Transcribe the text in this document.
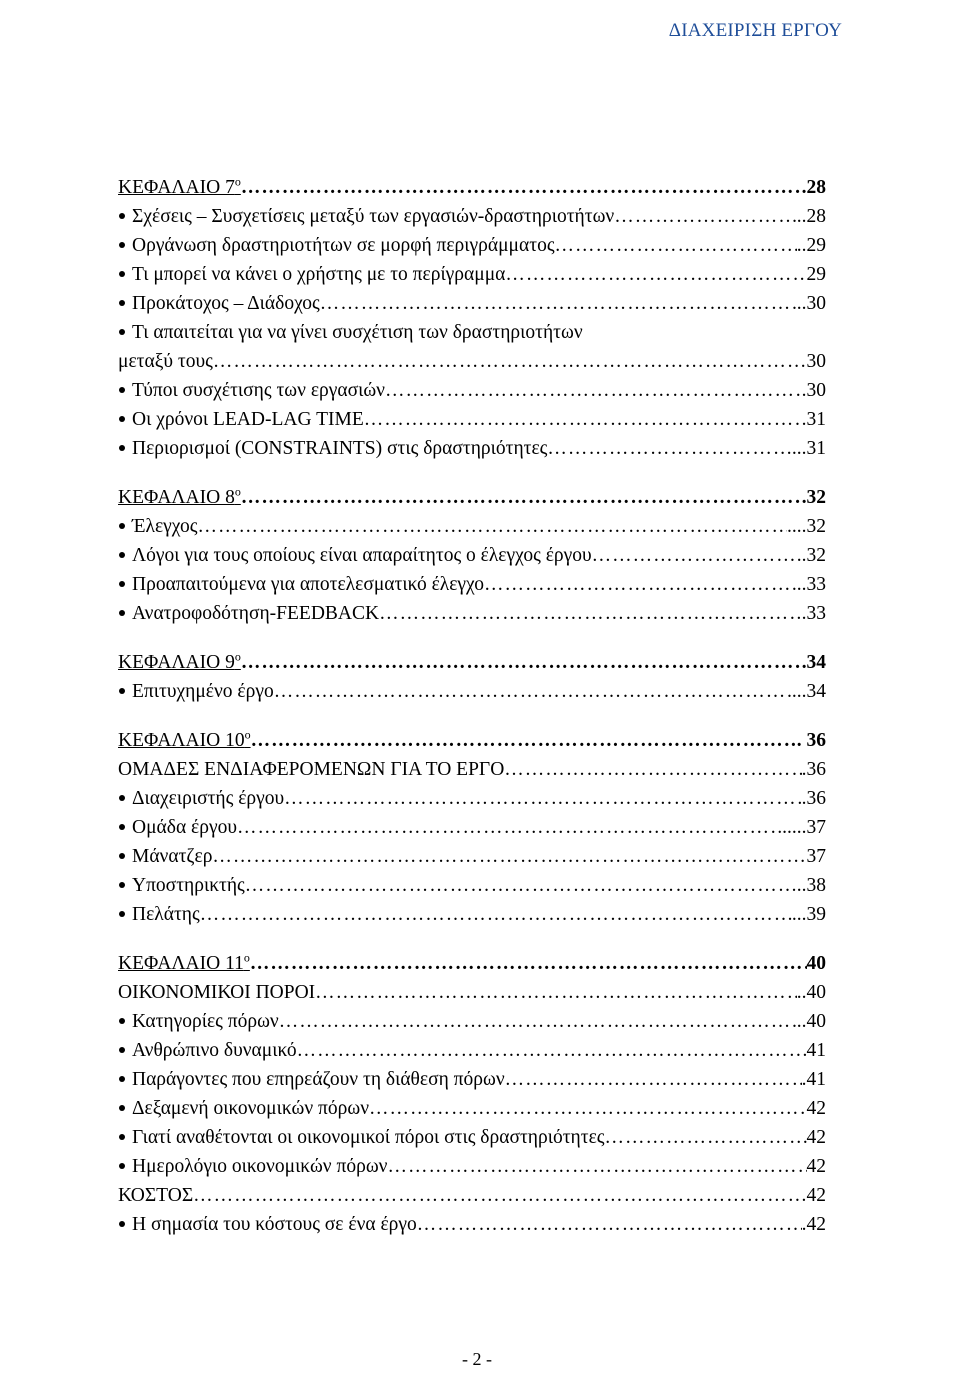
ΔΙΑΧΕΙΡΙΣΗ ΕΡΓΟΥ
ΚΕΦΑΛΑΙΟ $7^o$ ………………………………………………………………………………………………………………………………………………	.28
Σχέσεις – Συσχετίσεις μεταξύ των εργασιών-δραστηριοτήτων ………………………………………………………………………………………………………………………………………………………………	..28
Οργάνωση δραστηριοτήτων σε μορφή περιγράμματος ………………………………………………………………………………………………………………………………………………………………	..29
Τι μπορεί να κάνει ο χρήστης με το περίγραμμα ………………………………………………………………………………………………………………………………………………………………	29
Προκάτοχος – Διάδοχος ………………………………………………………………………………………………………………………………………………………………	..30
Τι απαιτείται για να γίνει συσχέτιση των δραστηριοτήτων
μεταξύ τους ………………………………………………………………………………………………………………………………………………………………	30
Τύποι συσχέτισης των εργασιών ………………………………………………………………………………………………………………………………………………………………	.30
Οι χρόνοι LEAD-LAG TIME ………………………………………………………………………………………………………………………………………………………………	.31
Περιορισμοί (CONSTRAINTS) στις δραστηριότητες ………………………………………………………………………………………………………………………………………………………………	...31
ΚΕΦΑΛΑΙΟ $8^o$ ………………………………………………………………………………………………………………………………………………	32
Έλεγχος ………………………………………………………………………………………………………………………………………………………………	....32
Λόγοι για τους οποίους είναι απαραίτητος ο έλεγχος έργου ………………………………………………………………………………………………………………………………………………………………	..32
Προαπαιτούμενα για αποτελεσματικό έλεγχο ………………………………………………………………………………………………………………………………………………………………	...33
Ανατροφοδότηση-FEEDBACK ………………………………………………………………………………………………………………………………………………………………	.33
ΚΕΦΑΛΑΙΟ $9^o$ ………………………………………………………………………………………………………………………………………………	34
Επιτυχημένο έργο ………………………………………………………………………………………………………………………………………………………………	...34
ΚΕΦΑΛΑΙΟ $10^o$ ………………………………………………………………………………………………………………………………………………	. 36
ΟΜΑΔΕΣ ΕΝΔΙΑΦΕΡΟΜΕΝΩΝ ΓΙΑ ΤΟ ΕΡΓΟ ………………………………………………………………………………………………………………………………………………………………	.36
Διαχειριστής έργου ………………………………………………………………………………………………………………………………………………………………	.36
Ομάδα έργου ………………………………………………………………………………………………………………………………………………………………	.....37
Μάνατζερ ………………………………………………………………………………………………………………………………………………………………	37
Υποστηρικτής ………………………………………………………………………………………………………………………………………………………………	..38
Πελάτης ………………………………………………………………………………………………………………………………………………………………	...39
ΚΕΦΑΛΑΙΟ $11^o$ ………………………………………………………………………………………………………………………………………………	40
ΟΙΚΟΝΟΜΙΚΟΙ ΠΟΡΟΙ ………………………………………………………………………………………………………………………………………………………………	..40
Κατηγορίες πόρων ………………………………………………………………………………………………………………………………………………………………	..40
Ανθρώπινο δυναμικό ………………………………………………………………………………………………………………………………………………………………	41
Παράγοντες που επηρεάζουν τη διάθεση πόρων ………………………………………………………………………………………………………………………………………………………………	.41
Δεξαμενή οικονομικών πόρων ………………………………………………………………………………………………………………………………………………………………	42
Γιατί αναθέτονται οι οικονομικοί πόροι στις δραστηριότητες ………………………………………………………………………………………………………………………………………………………………	42
Ημερολόγιο οικονομικών πόρων ………………………………………………………………………………………………………………………………………………………………	42
ΚΟΣΤΟΣ ………………………………………………………………………………………………………………………………………………………………	42
Η σημασία του κόστους σε ένα έργο ………………………………………………………………………………………………………………………………………………………………	.42
- 2 -
